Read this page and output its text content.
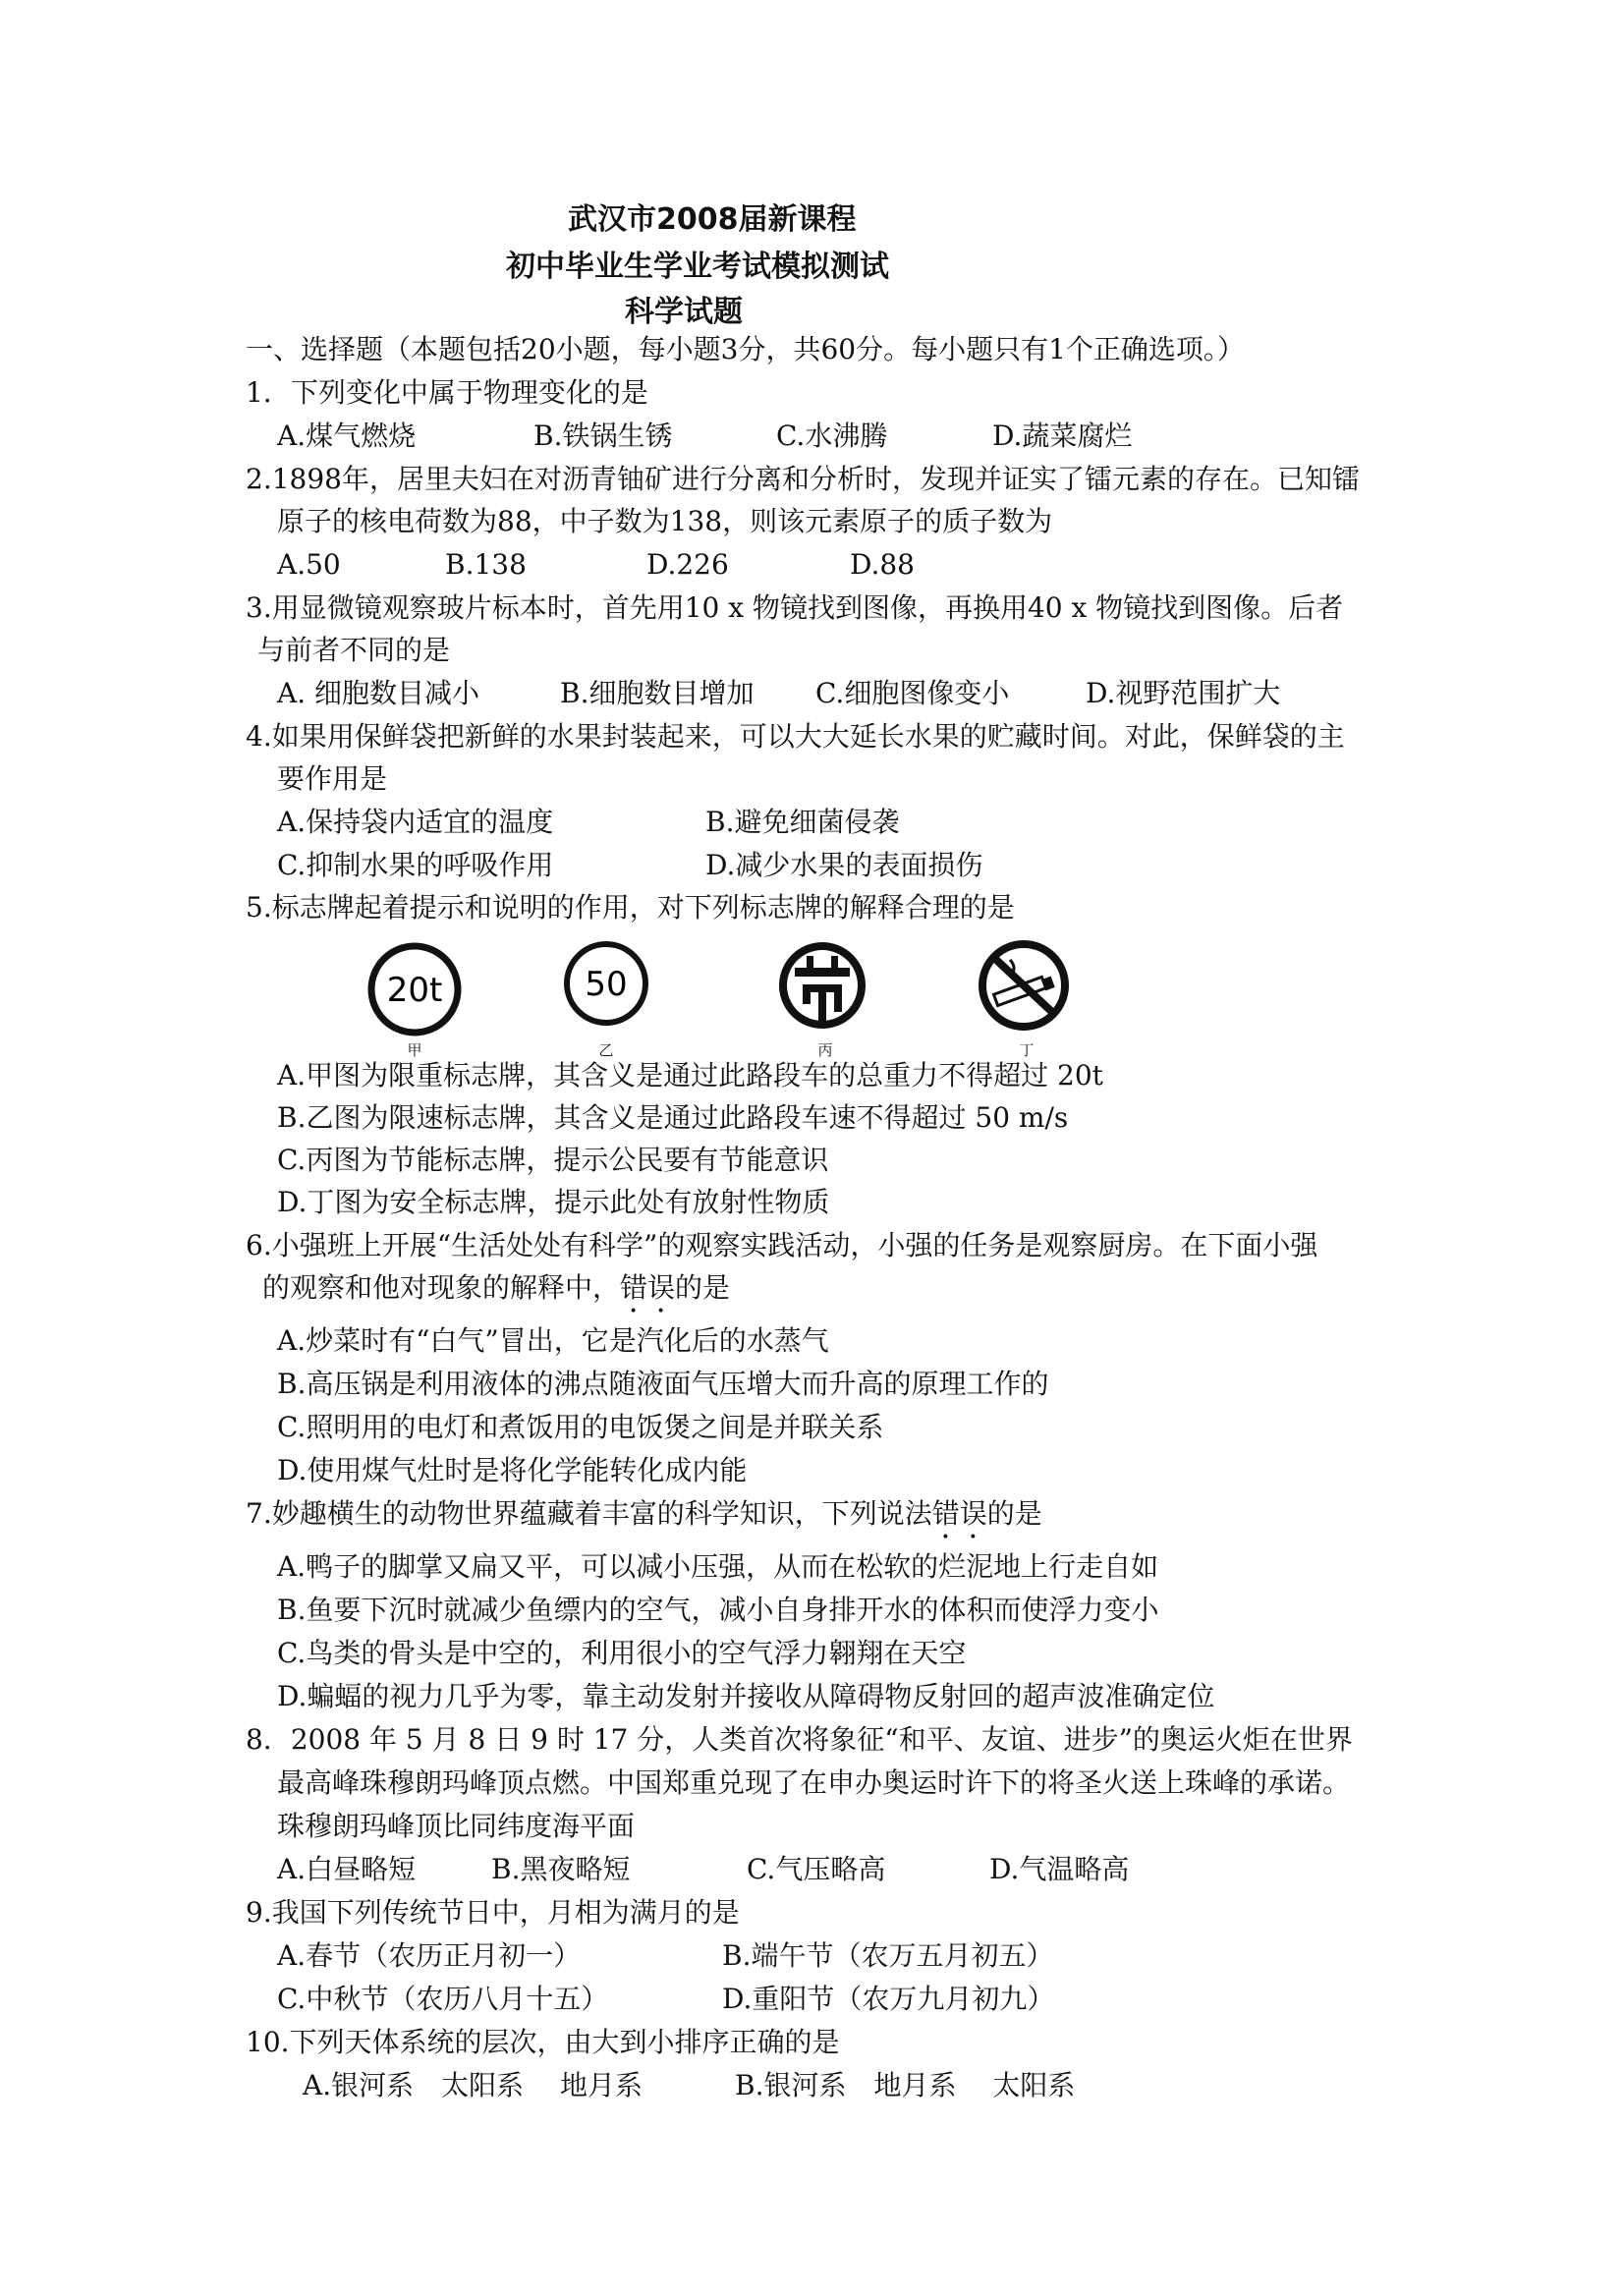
武汉市2008届新课程
初中毕业生学业考试模拟测试
科学试题
一、选择题（本题包括20小题，每小题3分，共60分。每小题只有1个正确选项。）
1．下列变化中属于物理变化的是
A.煤气燃烧	B.铁锅生锈	C.水沸腾	D.蔬菜腐烂
2.1898年，居里夫妇在对沥青铀矿进行分离和分析时，发现并证实了镭元素的存在。已知镭
原子的核电荷数为88，中子数为138，则该元素原子的质子数为
A.50	B.138	D.226	D.88
3.用显微镜观察玻片标本时，首先用10 x 物镜找到图像，再换用40 x 物镜找到图像。后者
与前者不同的是
A. 细胞数目减小	B.细胞数目增加 C.细胞图像变小	D.视野范围扩大
4.如果用保鲜袋把新鲜的水果封装起来，可以大大延长水果的贮藏时间。对此，保鲜袋的主
要作用是
A.保持袋内适宜的温度	B.避免细菌侵袭
C.抑制水果的呼吸作用	D.减少水果的表面损伤
5.标志牌起着提示和说明的作用，对下列标志牌的解释合理的是
20t
甲
50
乙	丙	丁
A.甲图为限重标志牌，其含义是通过此路段车的总重力不得超过 20t
B.乙图为限速标志牌，其含义是通过此路段车速不得超过 50 m/s
C.丙图为节能标志牌，提示公民要有节能意识
D.丁图为安全标志牌，提示此处有放射性物质
6.小强班上开展“生活处处有科学”的观察实践活动，小强的任务是观察厨房。在下面小强
的观察和他对现象的解释中，错误的是
A.炒菜时有“白气”冒出，它是汽化后的水蒸气
B.高压锅是利用液体的沸点随液面气压增大而升高的原理工作的
C.照明用的电灯和煮饭用的电饭煲之间是并联关系
D.使用煤气灶时是将化学能转化成内能
7.妙趣横生的动物世界蕴藏着丰富的科学知识，下列说法错误的是
A.鸭子的脚掌又扁又平，可以减小压强，从而在松软的烂泥地上行走自如
B.鱼要下沉时就减少鱼缥内的空气，减小自身排开水的体积而使浮力变小
C.鸟类的骨头是中空的，利用很小的空气浮力翱翔在天空
D.蝙蝠的视力几乎为零，靠主动发射并接收从障碍物反射回的超声波准确定位
8．2008 年 5 月 8 日 9 时 17 分，人类首次将象征“和平、友谊、进步”的奥运火炬在世界
最高峰珠穆朗玛峰顶点燃。中国郑重兑现了在申办奥运时许下的将圣火送上珠峰的承诺。
珠穆朗玛峰顶比同纬度海平面
A.白昼略短	B.黑夜略短	C.气压略高	D.气温略高
9.我国下列传统节日中，月相为满月的是
A.春节（农历正月初一）	B.端午节（农万五月初五）
C.中秋节（农历八月十五）	D.重阳节（农万九月初九）
10.下列天体系统的层次，由大到小排序正确的是
A.银河系　太阳系　 地月系	B.银河系　地月系　 太阳系
